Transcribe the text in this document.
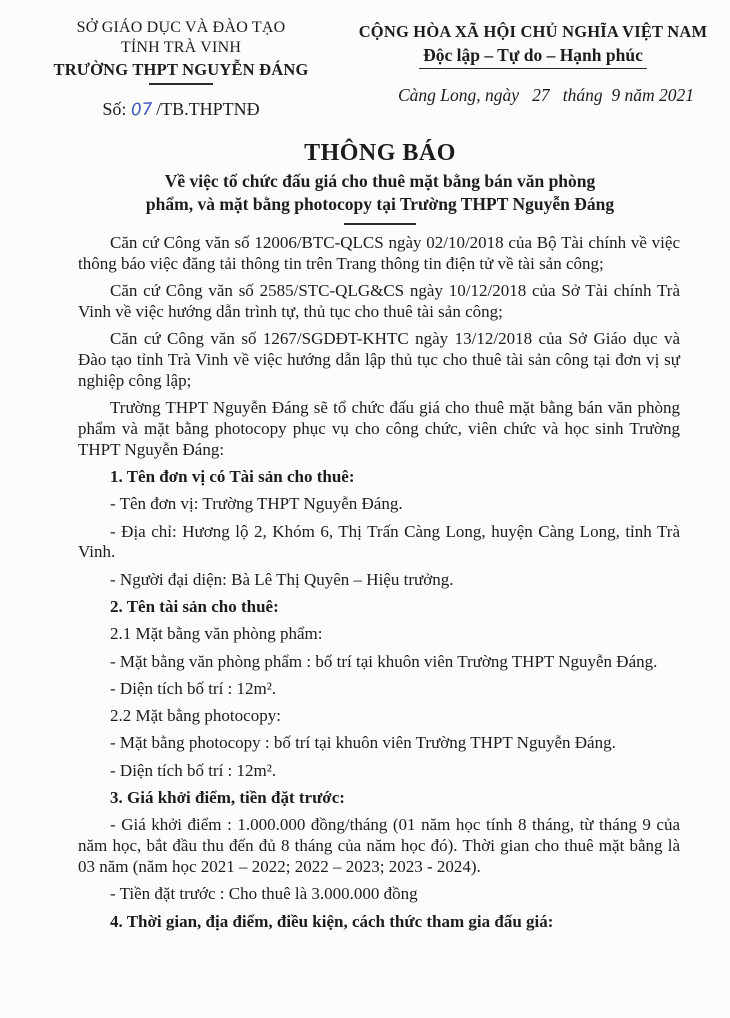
SỞ GIÁO DỤC VÀ ĐÀO TẠO
TỈNH TRÀ VINH
TRƯỜNG THPT NGUYỄN ĐÁNG
Số: 07 /TB.THPTNĐ
CỘNG HÒA XÃ HỘI CHỦ NGHĨA VIỆT NAM
Độc lập – Tự do – Hạnh phúc
Càng Long, ngày   27   tháng  9 năm 2021
THÔNG BÁO
Về việc tổ chức đấu giá cho thuê mặt bằng bán văn phòng
phẩm, và mặt bằng photocopy tại Trường THPT Nguyễn Đáng

Căn cứ Công văn số 12006/BTC-QLCS ngày 02/10/2018 của Bộ Tài chính về việc thông báo việc đăng tải thông tin trên Trang thông tin điện tử về tài sản công;

Căn cứ Công văn số 2585/STC-QLG&CS ngày 10/12/2018 của Sở Tài chính Trà Vinh về việc hướng dẫn trình tự, thủ tục cho thuê tài sản công;

Căn cứ Công văn số 1267/SGDĐT-KHTC ngày 13/12/2018 của Sở Giáo dục và Đào tạo tỉnh Trà Vinh về việc hướng dẫn lập thủ tục cho thuê tài sản công tại đơn vị sự nghiệp công lập;

Trường THPT Nguyễn Đáng sẽ tổ chức đấu giá cho thuê mặt bằng bán văn phòng phẩm và mặt bằng photocopy phục vụ cho công chức, viên chức và học sinh Trường THPT Nguyễn Đáng:

1. Tên đơn vị có Tài sản cho thuê:

- Tên đơn vị: Trường THPT Nguyễn Đáng.

- Địa chỉ: Hương lộ 2, Khóm 6, Thị Trấn Càng Long, huyện Càng Long, tỉnh Trà Vinh.

- Người đại diện: Bà Lê Thị Quyên – Hiệu trưởng.

2. Tên tài sản cho thuê:

2.1 Mặt bằng văn phòng phẩm:

- Mặt bằng văn phòng phẩm : bố trí tại khuôn viên Trường THPT Nguyễn Đáng.

- Diện tích bố trí : 12m².

2.2 Mặt bằng photocopy:

- Mặt bằng photocopy : bố trí tại khuôn viên Trường THPT Nguyễn Đáng.

- Diện tích bố trí : 12m².

3. Giá khởi điểm, tiền đặt trước:

- Giá khởi điểm : 1.000.000 đồng/tháng (01 năm học tính 8 tháng, từ tháng 9 của năm học, bắt đầu thu đến đủ 8 tháng của năm học đó). Thời gian cho thuê mặt bằng là 03 năm (năm học 2021 – 2022; 2022 – 2023; 2023 - 2024).

- Tiền đặt trước : Cho thuê là 3.000.000 đồng

4. Thời gian, địa điểm, điều kiện, cách thức tham gia đấu giá:
